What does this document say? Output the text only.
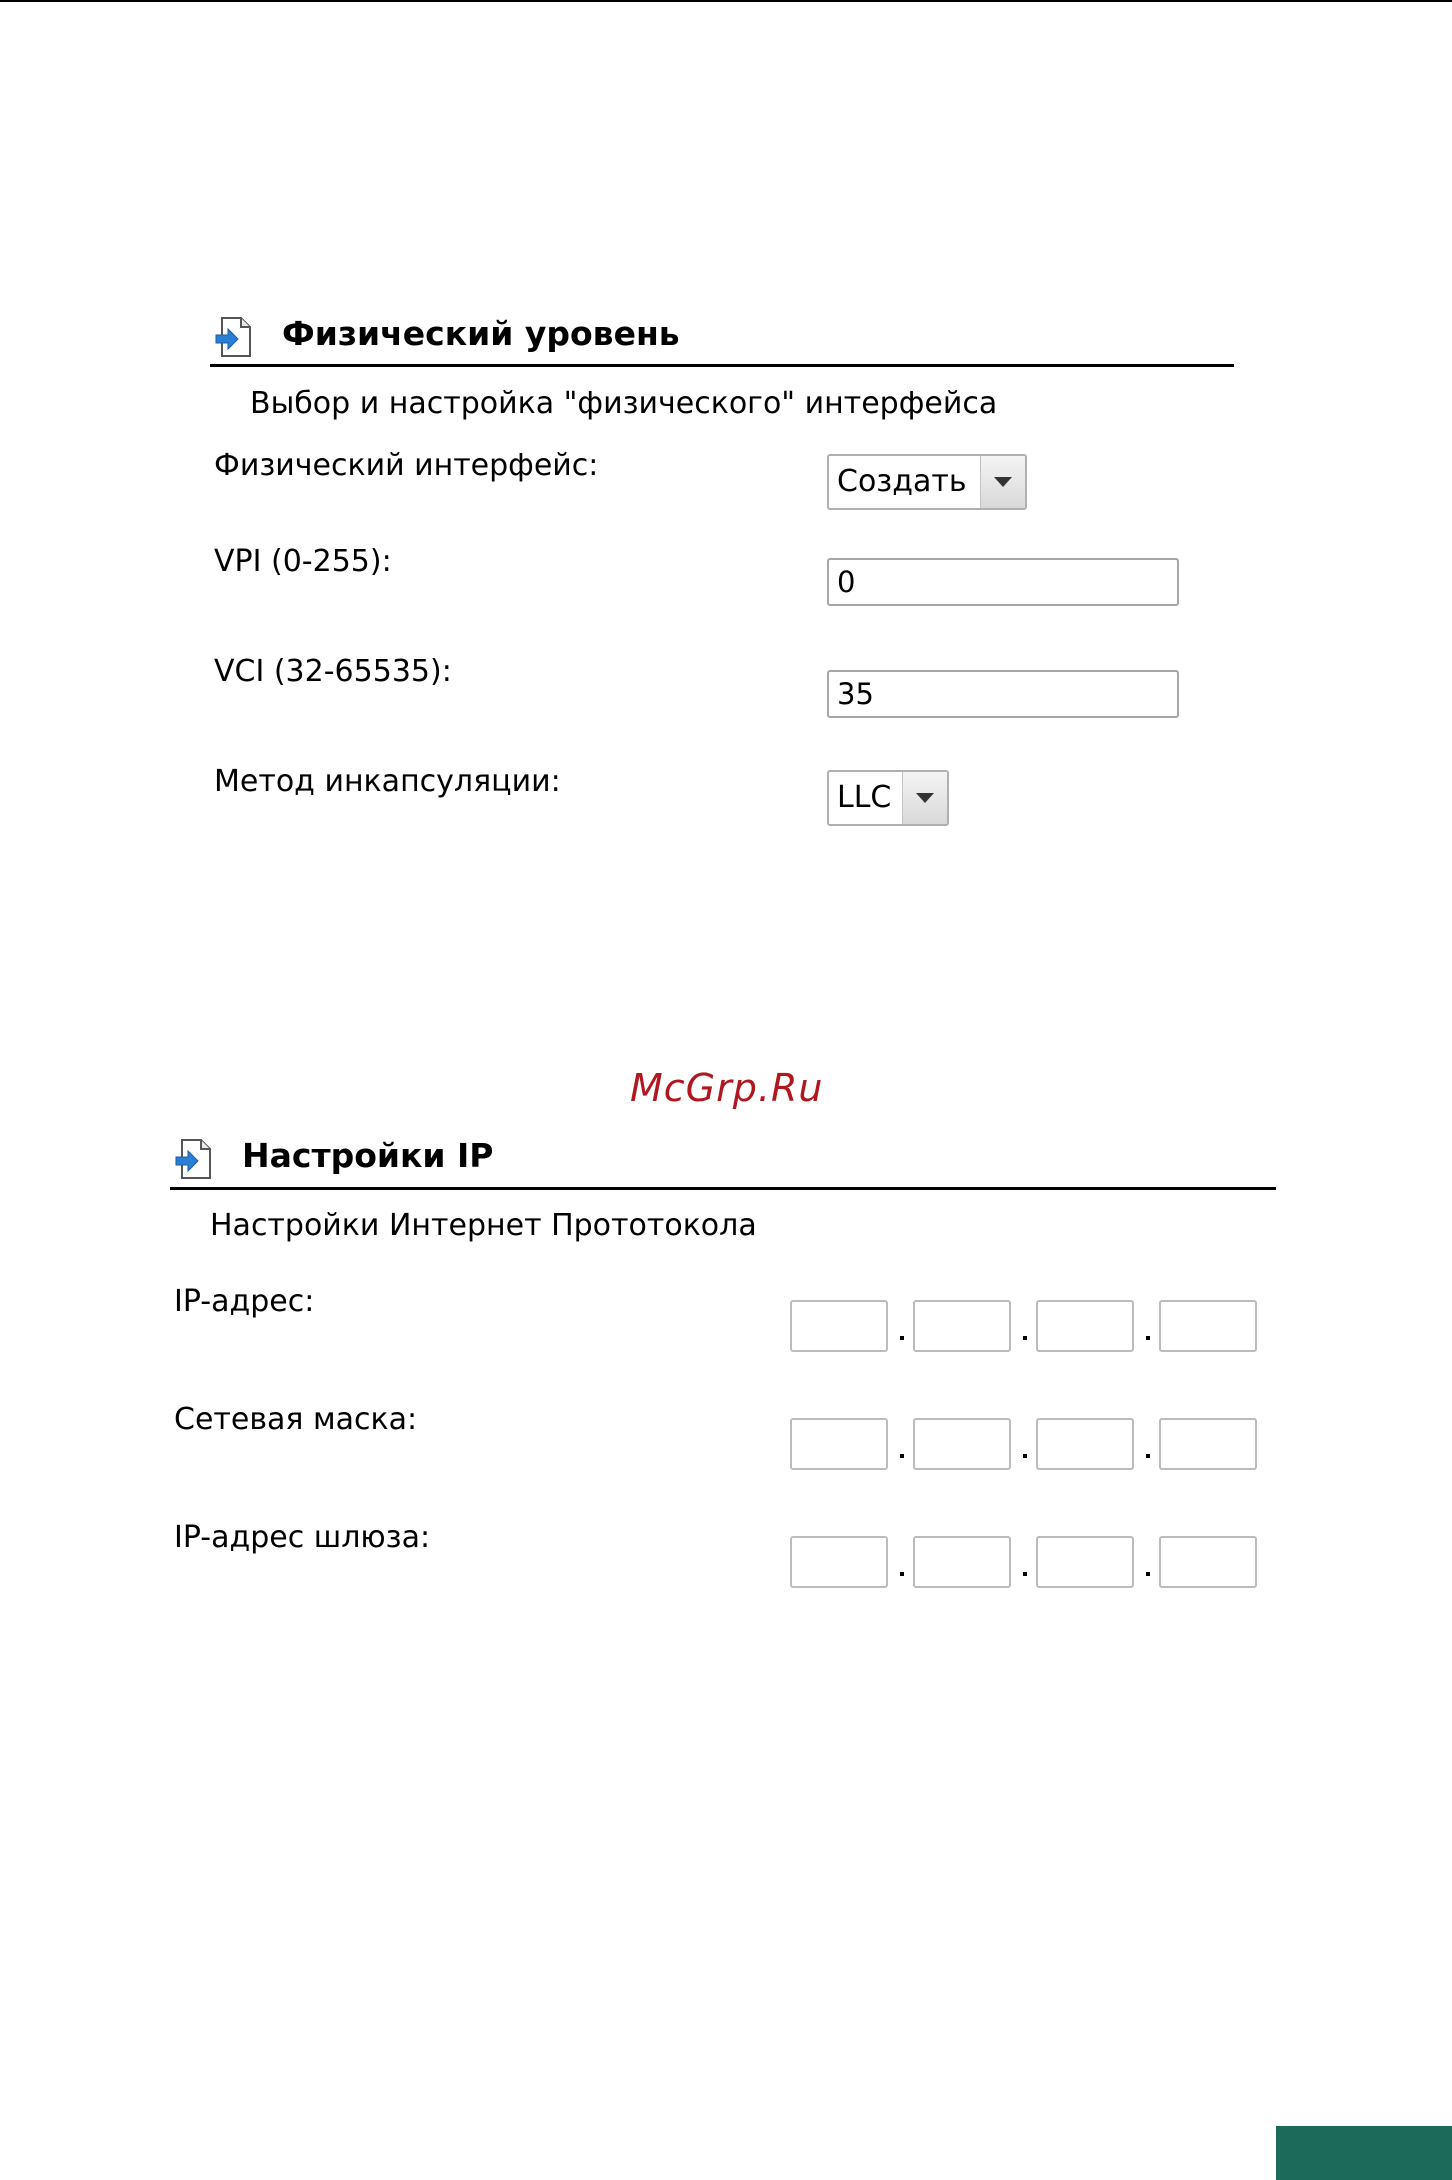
Физический уровень
Выбор и настройка "физического" интерфейса
Физический интерфейс:	Создать
VPI (0-255):
0
VCI (32-65535):
35
Метод инкапсуляции:	LLC
McGrp.Ru
Настройки IP
Настройки Интернет Прототокола
IP-адрес:
Сетевая маска:
IP-адрес шлюза:
